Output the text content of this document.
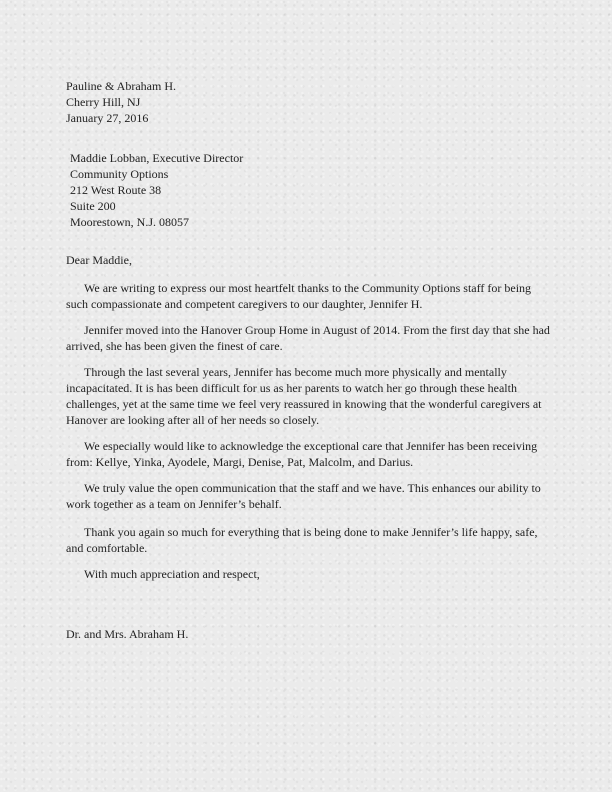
Pauline & Abraham H.
Cherry Hill, NJ
January 27, 2016
Maddie Lobban, Executive Director
Community Options
212 West Route 38
Suite 200
Moorestown, N.J. 08057
Dear Maddie,

We are writing to express our most heartfelt thanks to the Community Options staff for being such compassionate and competent caregivers to our daughter, Jennifer H.

Jennifer moved into the Hanover Group Home in August of 2014. From the first day that she had arrived, she has been given the finest of care.

Through the last several years, Jennifer has become much more physically and mentally incapacitated. It is has been difficult for us as her parents to watch her go through these health challenges, yet at the same time we feel very reassured in knowing that the wonderful caregivers at Hanover are looking after all of her needs so closely.

We especially would like to acknowledge the exceptional care that Jennifer has been receiving from: Kellye, Yinka, Ayodele, Margi, Denise, Pat, Malcolm, and Darius.

We truly value the open communication that the staff and we have. This enhances our ability to work together as a team on Jennifer’s behalf.

Thank you again so much for everything that is being done to make Jennifer’s life happy, safe, and comfortable.

With much appreciation and respect,
Dr. and Mrs. Abraham H.
